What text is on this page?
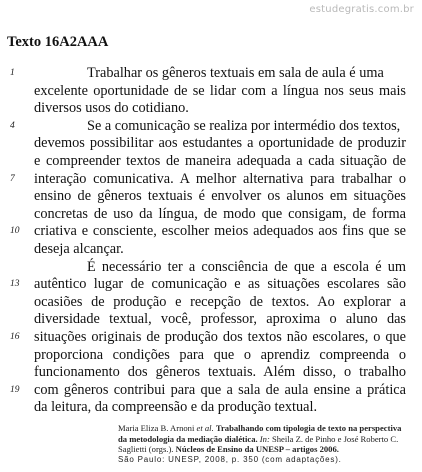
estudegratis.com.br
Texto 16A2AAA
1	Trabalhar os gêneros textuais em sala de aula é uma
excelente oportunidade de se lidar com a língua nos seus mais
diversos usos do cotidiano.
4	Se a comunicação se realiza por intermédio dos textos,
devemos possibilitar aos estudantes a oportunidade de produzir
e compreender textos de maneira adequada a cada situação de
7 interação comunicativa. A melhor alternativa para trabalhar o
ensino de gêneros textuais é envolver os alunos em situações
concretas de uso da língua, de modo que consigam, de forma
10 criativa e consciente, escolher meios adequados aos fins que se
deseja alcançar.
É necessário ter a consciência de que a escola é um
13 autêntico lugar de comunicação e as situações escolares são
ocasiões de produção e recepção de textos. Ao explorar a
diversidade textual, você, professor, aproxima o aluno das
16 situações originais de produção dos textos não escolares, o que
proporciona condições para que o aprendiz compreenda o
funcionamento dos gêneros textuais. Além disso, o trabalho
19 com gêneros contribui para que a sala de aula ensine a prática
da leitura, da compreensão e da produção textual.
Maria Eliza B. Arnoni et al. Trabalhando com tipologia de texto na perspectiva
da metodologia da mediação dialética. In: Sheila Z. de Pinho e José Roberto C.
Saglietti (orgs.). Núcleos de Ensino da UNESP – artigos 2006.
São Paulo: UNESP, 2008, p. 350 (com adaptações).
